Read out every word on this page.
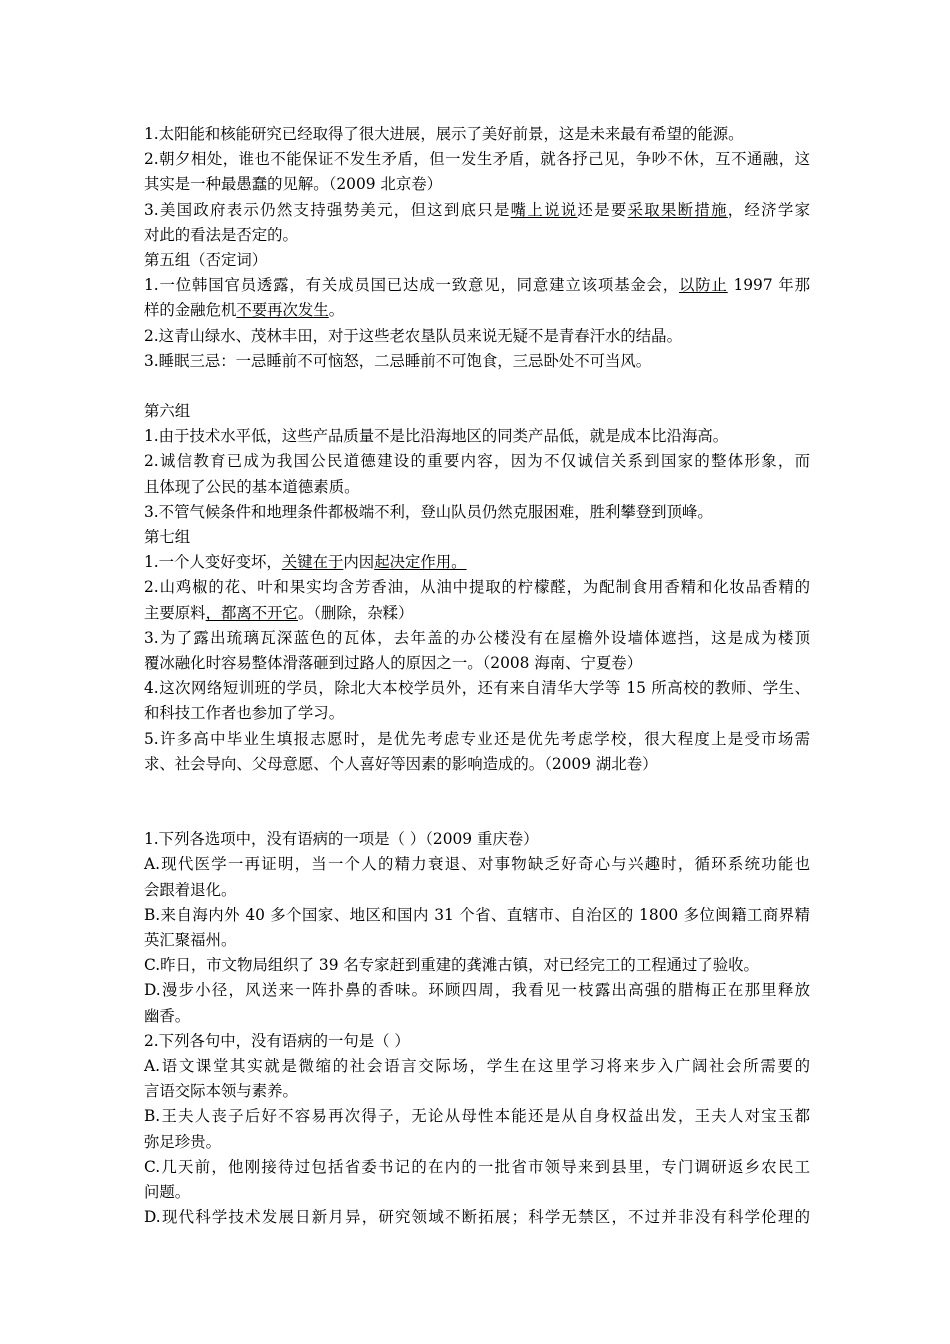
1.太阳能和核能研究已经取得了很大进展，展示了美好前景，这是未来最有希望的能源。
2.朝夕相处，谁也不能保证不发生矛盾，但一发生矛盾，就各抒己见，争吵不休，互不通融，这
其实是一种最愚蠢的见解。（2009 北京卷）
3.美国政府表示仍然支持强势美元，但这到底只是嘴上说说还是要采取果断措施，经济学家
对此的看法是否定的。
第五组（否定词）
1.一位韩国官员透露，有关成员国已达成一致意见，同意建立该项基金会，以防止 1997 年那
样的金融危机不要再次发生。
2.这青山绿水、茂林丰田，对于这些老农垦队员来说无疑不是青春汗水的结晶。
3.睡眠三忌：一忌睡前不可恼怒，二忌睡前不可饱食，三忌卧处不可当风。
第六组
1.由于技术水平低，这些产品质量不是比沿海地区的同类产品低，就是成本比沿海高。
2.诚信教育已成为我国公民道德建设的重要内容，因为不仅诚信关系到国家的整体形象，而
且体现了公民的基本道德素质。
3.不管气候条件和地理条件都极端不利，登山队员仍然克服困难，胜利攀登到顶峰。
第七组
1.一个人变好变坏，关键在于内因起决定作用。
2.山鸡椒的花、叶和果实均含芳香油，从油中提取的柠檬醛，为配制食用香精和化妆品香精的
主要原料，都离不开它。（删除，杂糅）
3.为了露出琉璃瓦深蓝色的瓦体，去年盖的办公楼没有在屋檐外设墙体遮挡，这是成为楼顶
覆冰融化时容易整体滑落砸到过路人的原因之一。（2008 海南、宁夏卷）
4.这次网络短训班的学员，除北大本校学员外，还有来自清华大学等 15 所高校的教师、学生、
和科技工作者也参加了学习。
5.许多高中毕业生填报志愿时，是优先考虑专业还是优先考虑学校，很大程度上是受市场需
求、社会导向、父母意愿、个人喜好等因素的影响造成的。（2009 湖北卷）
1.下列各选项中，没有语病的一项是（ ）（2009 重庆卷）
A.现代医学一再证明，当一个人的精力衰退、对事物缺乏好奇心与兴趣时，循环系统功能也
会跟着退化。
B.来自海内外 40 多个国家、地区和国内 31 个省、直辖市、自治区的 1800 多位闽籍工商界精
英汇聚福州。
C.昨日，市文物局组织了 39 名专家赶到重建的龚滩古镇，对已经完工的工程通过了验收。
D.漫步小径，风送来一阵扑鼻的香味。环顾四周，我看见一枝露出高强的腊梅正在那里释放
幽香。
2.下列各句中，没有语病的一句是（ ）
A.语文课堂其实就是微缩的社会语言交际场，学生在这里学习将来步入广阔社会所需要的
言语交际本领与素养。
B.王夫人丧子后好不容易再次得子，无论从母性本能还是从自身权益出发，王夫人对宝玉都
弥足珍贵。
C.几天前，他刚接待过包括省委书记的在内的一批省市领导来到县里，专门调研返乡农民工
问题。
D.现代科学技术发展日新月异，研究领域不断拓展；科学无禁区，不过并非没有科学伦理的
